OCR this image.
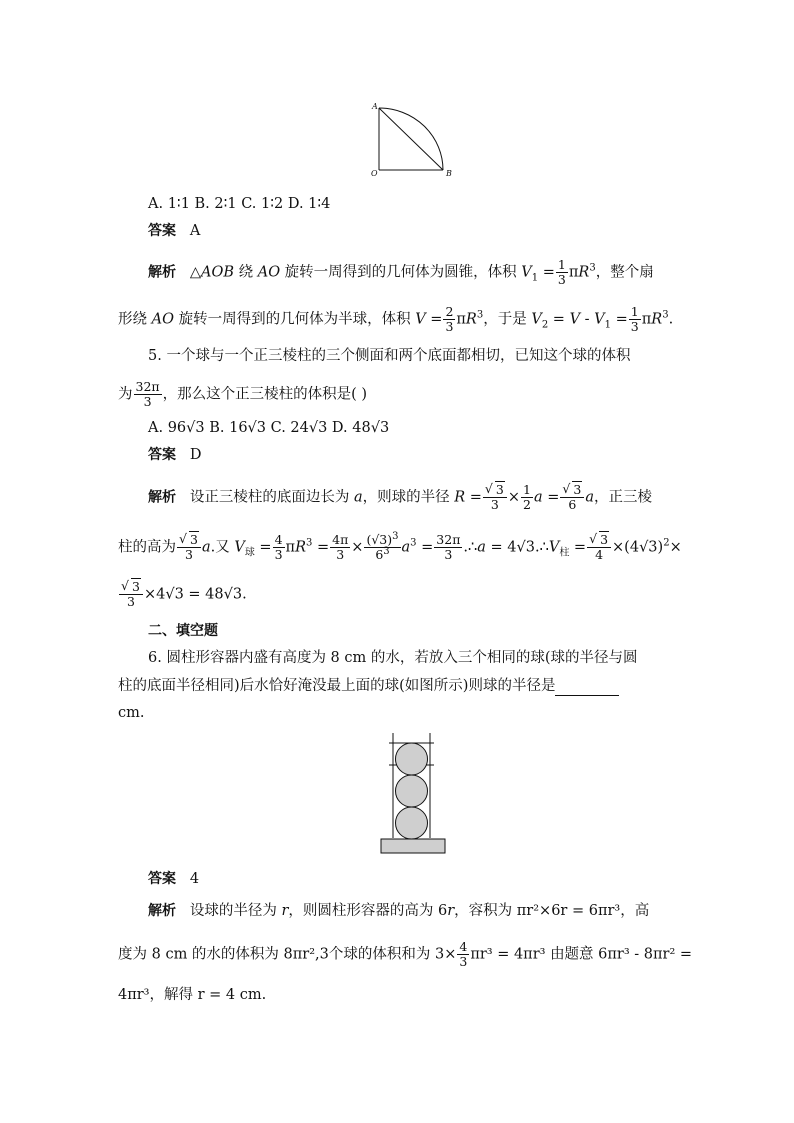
A
O	B
A. 1∶1 B. 2∶1 C. 1∶2 D. 1∶4
答案 A
解析 △AOB 绕 AO 旋转一周得到的几何体为圆锥，体积 $V_1 = \frac{1}{3} \pi R^3$，整个扇
形绕 AO 旋转一周得到的几何体为半球，体积 $V = \frac{2}{3} \pi R^3$，于是 $V_2 = V - V_1 = \frac{1}{3} \pi R^3$.
5. 一个球与一个正三棱柱的三个侧面和两个底面都相切，已知这个球的体积
为 $\frac{32\pi}{3}$ ，那么这个正三棱柱的体积是( )
A. 96√3 B. 16√3 C. 24√3 D. 48√3
答案 D
解析 设正三棱柱的底面边长为 a，则球的半径 R = √ $\frac{3}{3} \times \frac{1}{2}$ a = √ $\frac{3}{6}$ a，正三棱
柱的高为 √ $\frac{3}{3} a$.又 $V_球 = \frac{4}{3} \pi R^3 = \frac{4\pi}{3} \times \frac{(√3)^3}{6^3} a^3 = \frac{32\pi}{3}$ .∴a = $4√3.\therefore V_柱$ = √ $\frac{3}{4} \times(4√3)^2\times$
√ $\frac{3}{3} \times 4√3 = 48√3$.
二、填空题
6. 圆柱形容器内盛有高度为 8 cm 的水，若放入三个相同的球(球的半径与圆
柱的底面半径相同)后水恰好淹没最上面的球(如图所示)则球的半径是
cm.
答案 4
解析 设球的半径为 r，则圆柱形容器的高为 6r，容积为 πr²×6r = 6πr³，高
度为 8 cm 的水的体积为 8πr²,3个球的体积和为 $3\times \frac{4}{3} \pi r^3 = 4\pi r^3$ 由题意 6πr³ - 8πr² =
4πr³，解得 r = 4 cm.
